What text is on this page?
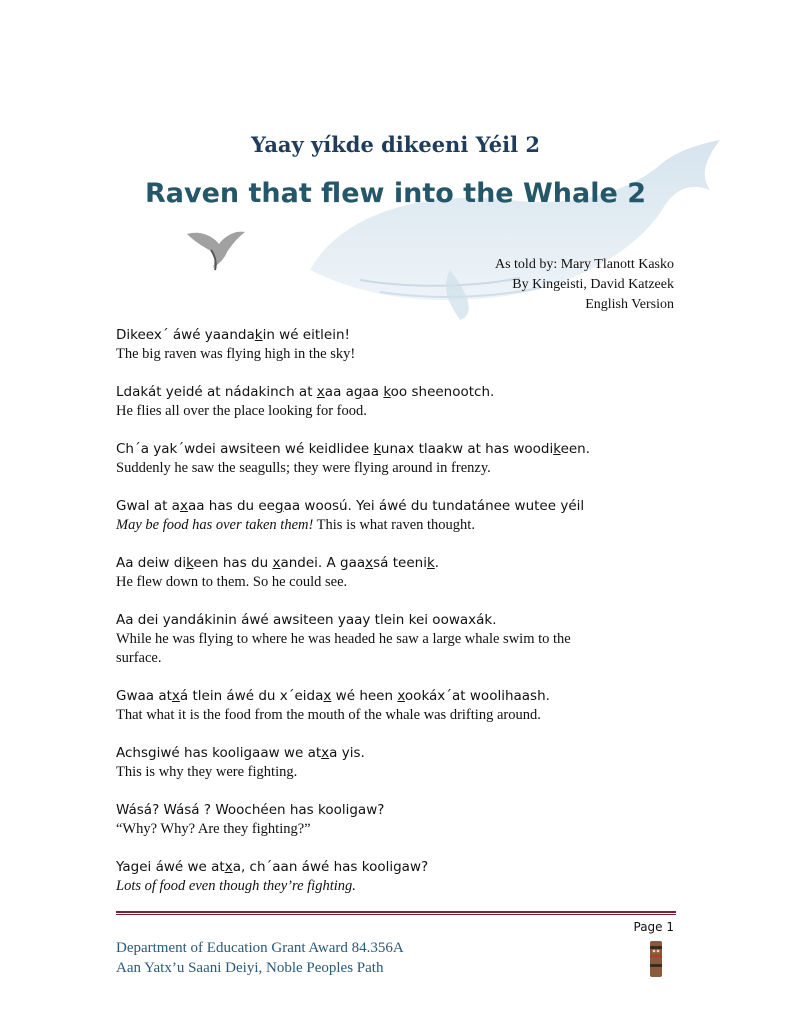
Yaay yíkde dikeeni Yéil 2
Raven that flew into the Whale 2
As told by: Mary Tlanott Kasko
By Kingeisti, David Katzeek
English Version
Dikeex´ áwé yaandakin wé eitlein!
The big raven was flying high in the sky!
Ldakát yeidé at nádakinch at xaa agaa koo sheenootch.
He flies all over the place looking for food.
Ch´a yak´wdei awsiteen wé keidlidee kunax tlaakw at has woodikeen.
Suddenly he saw the seagulls; they were flying around in frenzy.
Gwal at axaa has du eegaa woosú. Yei áwé du tundatánee wutee yéil
May be food has over taken them! This is what raven thought.
Aa deiw dikeen has du xandei. A gaaxsá teenik.
He flew down to them. So he could see.
Aa dei yandákinin áwé awsiteen yaay tlein kei oowaxák.
While he was flying to where he was headed he saw a large whale swim to the
surface.
Gwaa atxá tlein áwé du x´eidax wé heen xookáx´at woolihaash.
That what it is the food from the mouth of the whale was drifting around.
Achsgiwé has kooligaaw we atxa yis.
This is why they were fighting.
Wásá? Wásá ? Woochéen has kooligaw?
“Why? Why? Are they fighting?”
Yagei áwé we atxa, ch´aan áwé has kooligaw?
Lots of food even though they’re fighting.
Page 1
Department of Education Grant Award 84.356A
Aan Yatx’u Saani Deiyi, Noble Peoples Path
